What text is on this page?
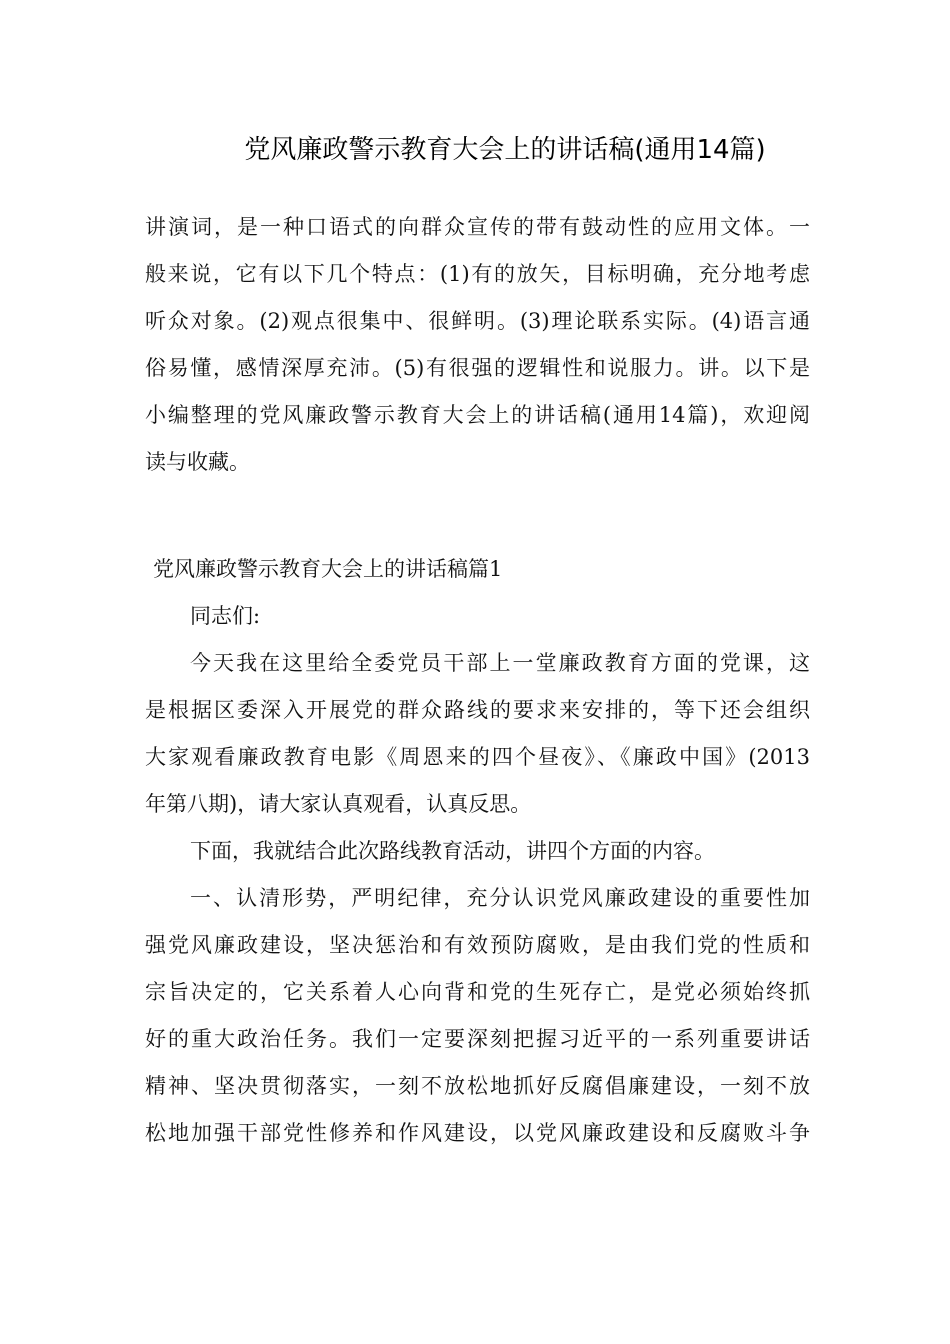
党风廉政警示教育大会上的讲话稿(通用14篇)
讲演词，是一种口语式的向群众宣传的带有鼓动性的应用文体。一
般来说，它有以下几个特点：(1)有的放矢，目标明确，充分地考虑
听众对象。(2)观点很集中、很鲜明。(3)理论联系实际。(4)语言通
俗易懂，感情深厚充沛。(5)有很强的逻辑性和说服力。讲。以下是
小编整理的党风廉政警示教育大会上的讲话稿(通用14篇)，欢迎阅
读与收藏。
党风廉政警示教育大会上的讲话稿篇1
同志们:
今天我在这里给全委党员干部上一堂廉政教育方面的党课，这
是根据区委深入开展党的群众路线的要求来安排的，等下还会组织
大家观看廉政教育电影《周恩来的四个昼夜》、《廉政中国》(2013
年第八期)，请大家认真观看，认真反思。
下面，我就结合此次路线教育活动，讲四个方面的内容。
一、认清形势，严明纪律，充分认识党风廉政建设的重要性加
强党风廉政建设，坚决惩治和有效预防腐败，是由我们党的性质和
宗旨决定的，它关系着人心向背和党的生死存亡，是党必须始终抓
好的重大政治任务。我们一定要深刻把握习近平的一系列重要讲话
精神、坚决贯彻落实，一刻不放松地抓好反腐倡廉建设，一刻不放
松地加强干部党性修养和作风建设，以党风廉政建设和反腐败斗争
